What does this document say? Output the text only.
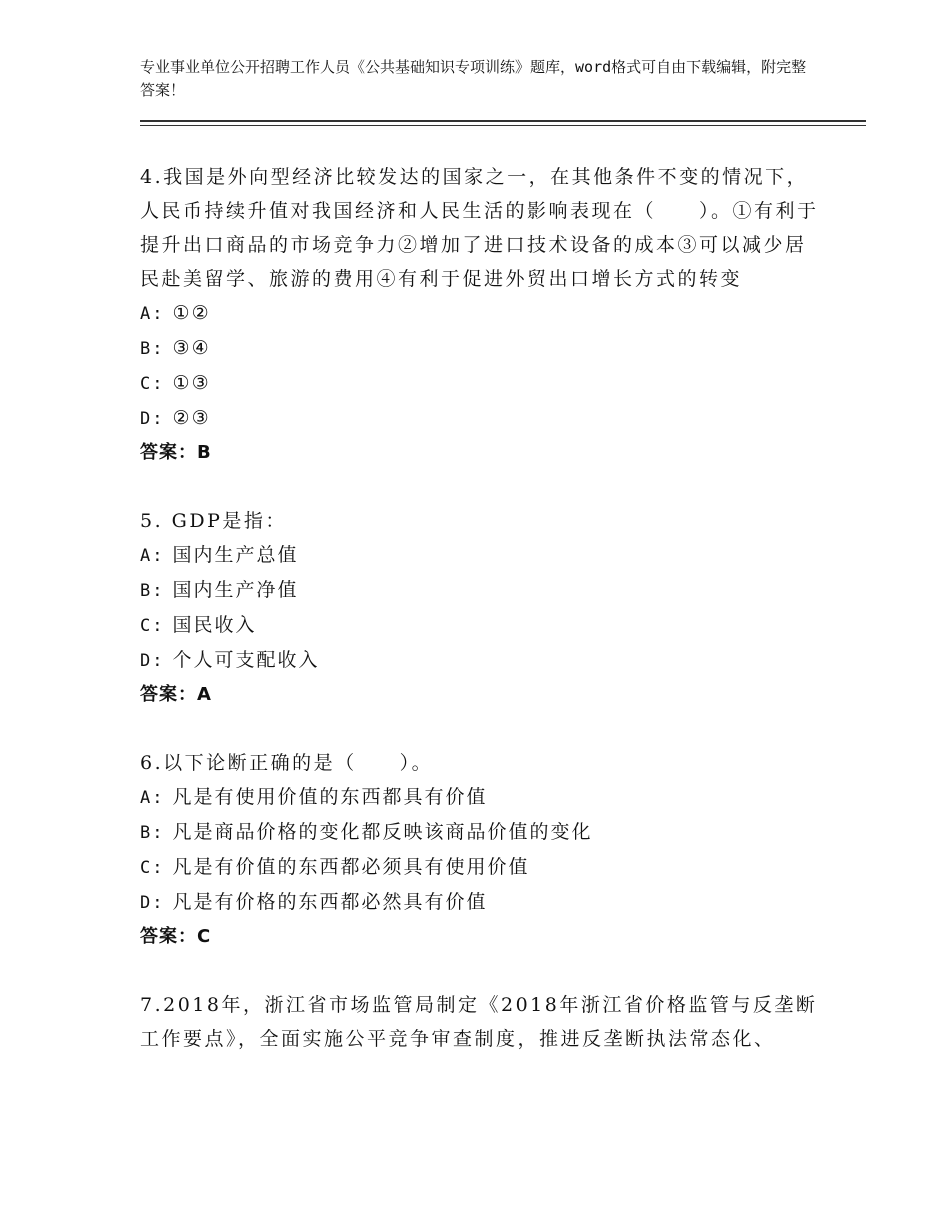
专业事业单位公开招聘工作人员《公共基础知识专项训练》题库，word格式可自由下载编辑，附完整答案！

4.我国是外向型经济比较发达的国家之一，在其他条件不变的情况下，人民币持续升值对我国经济和人民生活的影响表现在（　　）。①有利于提升出口商品的市场竞争力②增加了进口技术设备的成本③可以减少居民赴美留学、旅游的费用④有利于促进外贸出口增长方式的转变

A: ①②

B: ③④

C: ①③

D: ②③

答案：B

5. GDP是指：

A: 国内生产总值

B: 国内生产净值

C: 国民收入

D: 个人可支配收入

答案：A

6.以下论断正确的是（　　）。

A: 凡是有使用价值的东西都具有价值

B: 凡是商品价格的变化都反映该商品价值的变化

C: 凡是有价值的东西都必须具有使用价值

D: 凡是有价格的东西都必然具有价值

答案：C

7.2018年，浙江省市场监管局制定《2018年浙江省价格监管与反垄断工作要点》，全面实施公平竞争审查制度，推进反垄断执法常态化、
